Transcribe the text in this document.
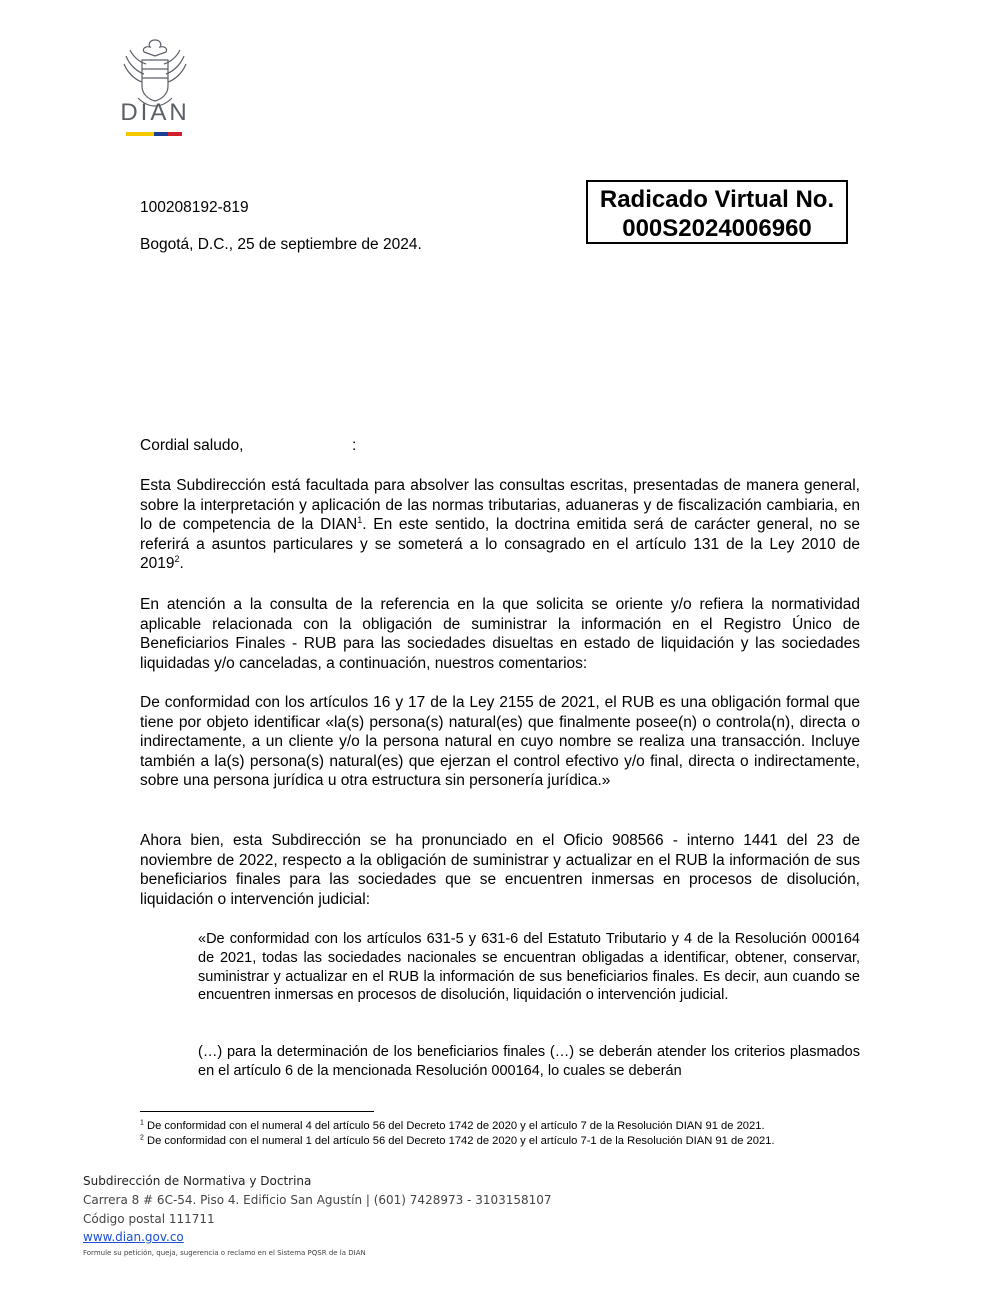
DIAN
Radicado Virtual No.
000S2024006960
100208192-819
Bogotá, D.C., 25 de septiembre de 2024.
Cordial saludo,	:
Esta Subdirección está facultada para absolver las consultas escritas, presentadas de manera general, sobre la interpretación y aplicación de las normas tributarias, aduaneras y de fiscalización cambiaria, en lo de competencia de la DIAN$^1$. En este sentido, la doctrina emitida será de carácter general, no se referirá a asuntos particulares y se someterá a lo consagrado en el artículo 131 de la Ley 2010 de 2019$^2$.
En atención a la consulta de la referencia en la que solicita se oriente y/o refiera la normatividad aplicable relacionada con la obligación de suministrar la información en el Registro Único de Beneficiarios Finales - RUB para las sociedades disueltas en estado de liquidación y las sociedades liquidadas y/o canceladas, a continuación, nuestros comentarios:
De conformidad con los artículos 16 y 17 de la Ley 2155 de 2021, el RUB es una obligación formal que tiene por objeto identificar «la(s) persona(s) natural(es) que finalmente posee(n) o controla(n), directa o indirectamente, a un cliente y/o la persona natural en cuyo nombre se realiza una transacción. Incluye también a la(s) persona(s) natural(es) que ejerzan el control efectivo y/o final, directa o indirectamente, sobre una persona jurídica u otra estructura sin personería jurídica.»
Ahora bien, esta Subdirección se ha pronunciado en el Oficio 908566 - interno 1441 del 23 de noviembre de 2022, respecto a la obligación de suministrar y actualizar en el RUB la información de sus beneficiarios finales para las sociedades que se encuentren inmersas en procesos de disolución, liquidación o intervención judicial:
«De conformidad con los artículos 631-5 y 631-6 del Estatuto Tributario y 4 de la Resolución 000164 de 2021, todas las sociedades nacionales se encuentran obligadas a identificar, obtener, conservar, suministrar y actualizar en el RUB la información de sus beneficiarios finales. Es decir, aun cuando se encuentren inmersas en procesos de disolución, liquidación o intervención judicial.
(…) para la determinación de los beneficiarios finales (…) se deberán atender los criterios plasmados en el artículo 6 de la mencionada Resolución 000164, lo cuales se deberán
$^1$ De conformidad con el numeral 4 del artículo 56 del Decreto 1742 de 2020 y el artículo 7 de la Resolución DIAN 91 de 2021.
$^2$ De conformidad con el numeral 1 del artículo 56 del Decreto 1742 de 2020 y el artículo 7-1 de la Resolución DIAN 91 de 2021.
Subdirección de Normativa y Doctrina
Carrera 8 # 6C-54. Piso 4. Edificio San Agustín | (601) 7428973 - 3103158107
Código postal 111711
www.dian.gov.co
Formule su petición, queja, sugerencia o reclamo en el Sistema PQSR de la DIAN
